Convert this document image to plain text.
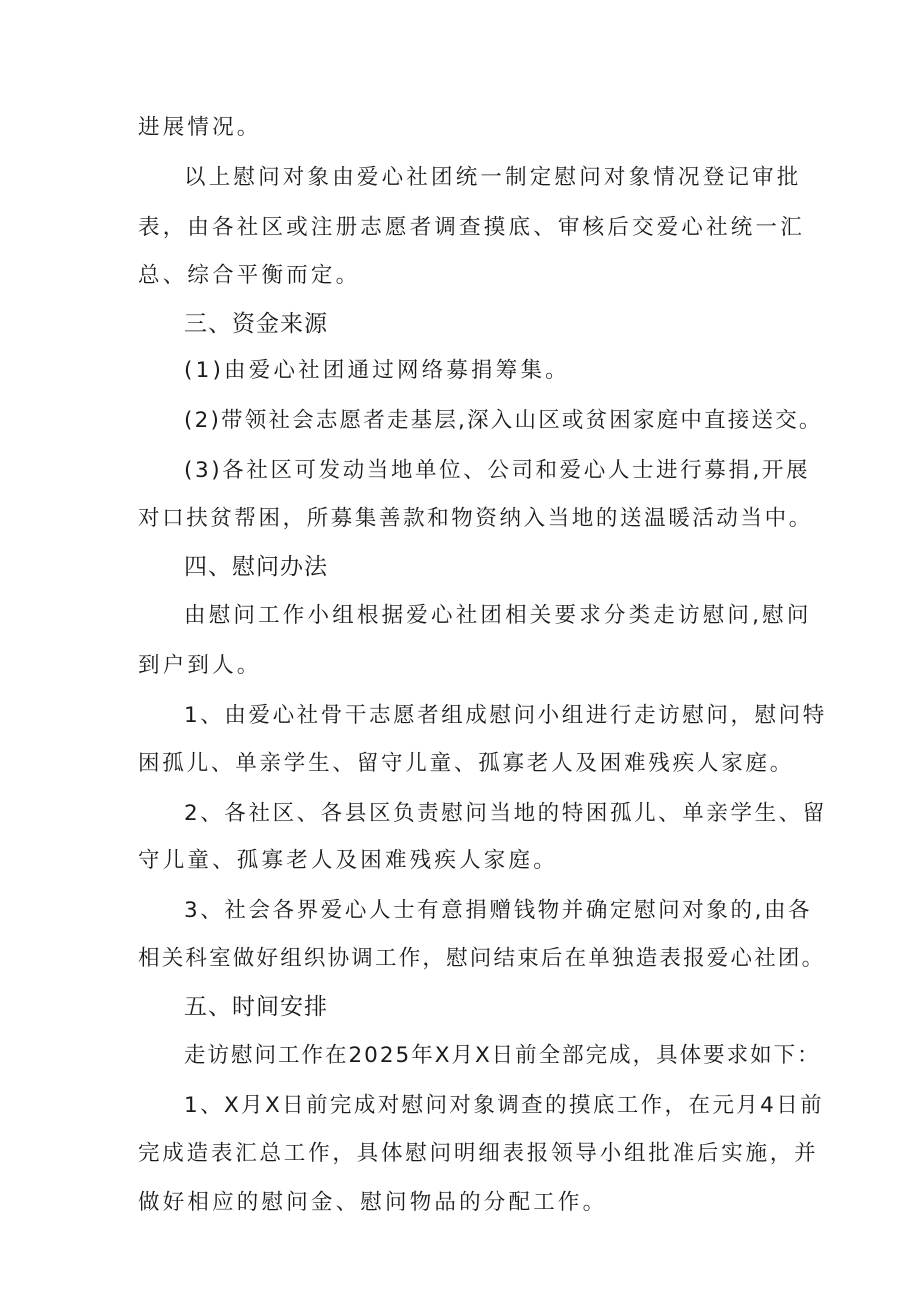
进展情况。
以上慰问对象由爱心社团统一制定慰问对象情况登记审批
表，由各社区或注册志愿者调查摸底、审核后交爱心社统一汇
总、综合平衡而定。
三、资金来源
(1)由爱心社团通过网络募捐筹集。
(2)带领社会志愿者走基层,深入山区或贫困家庭中直接送交。
(3)各社区可发动当地单位、公司和爱心人士进行募捐,开展
对口扶贫帮困，所募集善款和物资纳入当地的送温暖活动当中。
四、慰问办法
由慰问工作小组根据爱心社团相关要求分类走访慰问,慰问
到户到人。
1、由爱心社骨干志愿者组成慰问小组进行走访慰问，慰问特
困孤儿、单亲学生、留守儿童、孤寡老人及困难残疾人家庭。
2、各社区、各县区负责慰问当地的特困孤儿、单亲学生、留
守儿童、孤寡老人及困难残疾人家庭。
3、社会各界爱心人士有意捐赠钱物并确定慰问对象的,由各
相关科室做好组织协调工作，慰问结束后在单独造表报爱心社团。
五、时间安排
走访慰问工作在2025年X月X日前全部完成，具体要求如下：
1、X月X日前完成对慰问对象调查的摸底工作，在元月4日前
完成造表汇总工作，具体慰问明细表报领导小组批准后实施，并
做好相应的慰问金、慰问物品的分配工作。
